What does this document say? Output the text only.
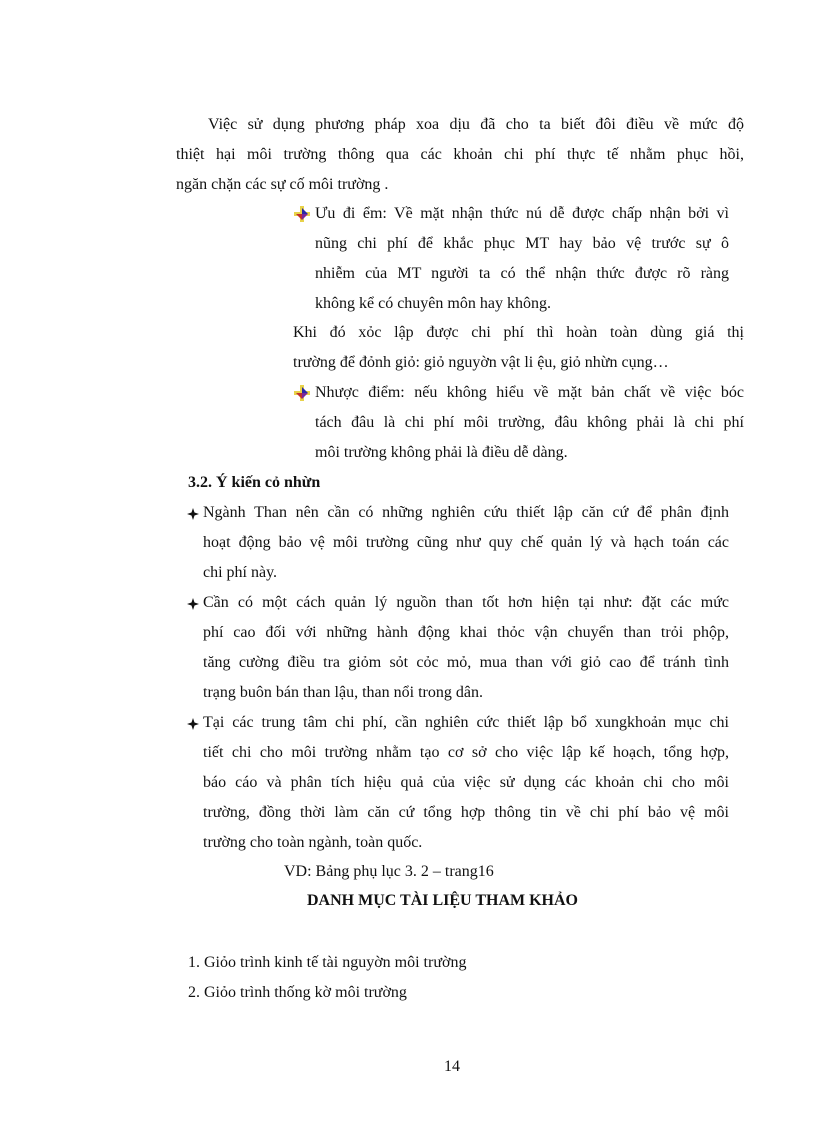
Việc sử dụng phương pháp xoa dịu đã cho ta biết đôi điều về mức độ
thiệt hại môi trường thông qua các khoản chi phí thực tế nhằm phục hồi,
ngăn chặn các sự cố môi trường .
Ưu đi ểm: Về mặt nhận thức nú dễ được chấp nhận bởi vì
nũng chi phí để khắc phục MT hay bảo vệ trước sự ô
nhiễm của MT người ta có thể nhận thức được rõ ràng
không kể có chuyên môn hay không.
Khi đó xỏc lập được chi phí thì hoàn toàn dùng giá thị
trường để đỏnh giỏ: giỏ nguyờn vật li ệu, giỏ nhừn cụng…
Nhược điểm: nếu không hiểu về mặt bản chất về việc bóc
tách đâu là chi phí môi trường, đâu không phải là chi phí
môi trường không phải là điều dễ dàng.
3.2. Ý kiến cỏ nhừn
Ngành Than nên cần có những nghiên cứu thiết lập căn cứ để phân định
hoạt động bảo vệ môi trường cũng như quy chế quản lý và hạch toán các
chi phí này.
Cần có một cách quản lý nguồn than tốt hơn hiện tại như: đặt các mức
phí cao đối với những hành động khai thỏc vận chuyển than trỏi phộp,
tăng cường điều tra giỏm sỏt cỏc mỏ, mua than với giỏ cao để tránh tình
trạng buôn bán than lậu, than nổi trong dân.
Tại các trung tâm chi phí, cần nghiên cức thiết lập bổ xungkhoản mục chi
tiết chi cho môi trường nhằm tạo cơ sở cho việc lập kế hoạch, tổng hợp,
báo cáo và phân tích hiệu quả của việc sử dụng các khoản chi cho môi
trường, đồng thời làm căn cứ tổng hợp thông tin về chi phí bảo vệ môi
trường cho toàn ngành, toàn quốc.
VD: Bảng phụ lục 3. 2 – trang16
DANH MỤC TÀI LIỆU THAM KHẢO
1. Giỏo trình kinh tế tài nguyờn môi trường
2. Giỏo trình thống kờ môi trường
14
